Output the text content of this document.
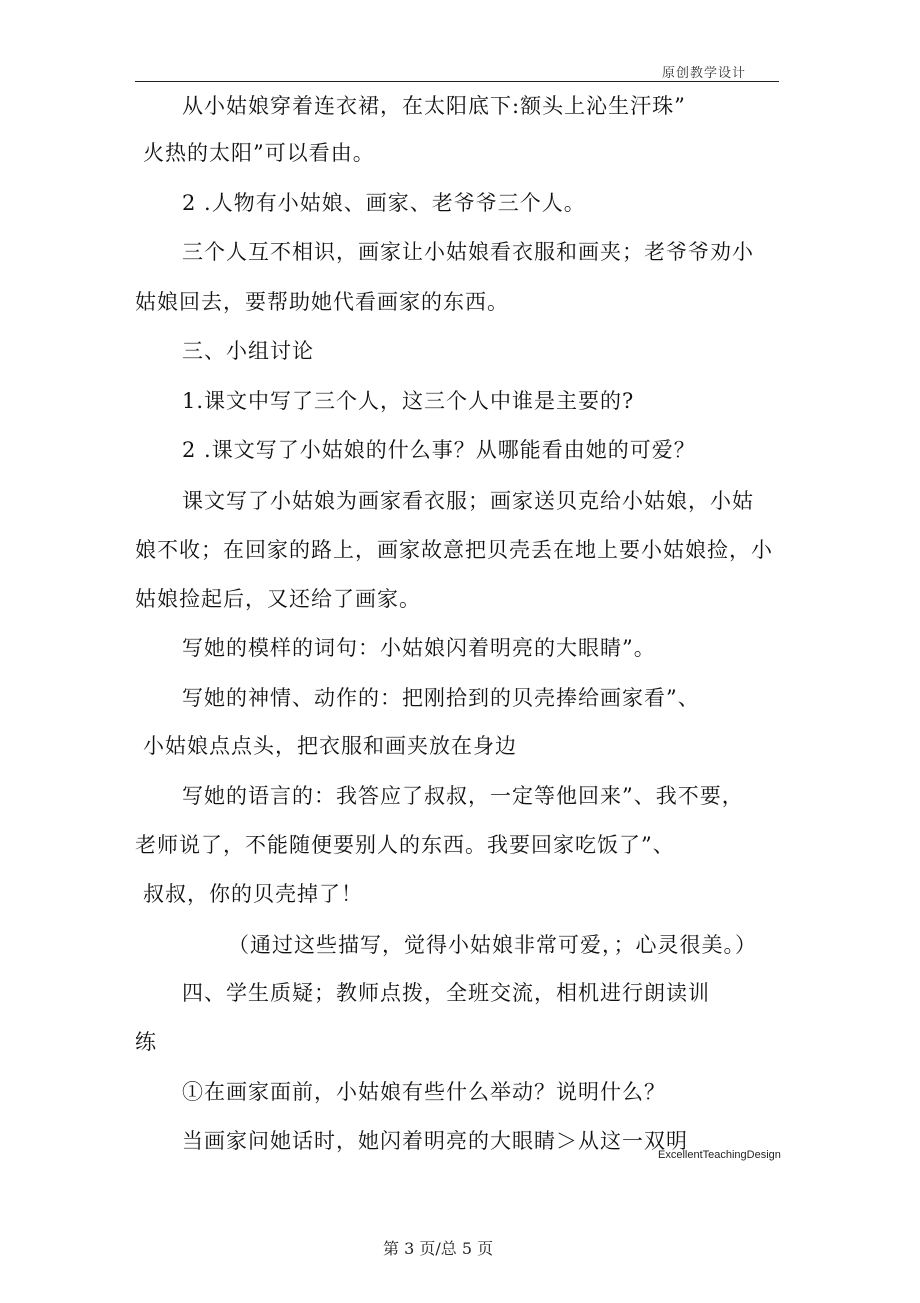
原创教学设计
从小姑娘穿着连衣裙，在太阳底下:额头上沁生汗珠”
火热的太阳”可以看由。
2 .人物有小姑娘、画家、老爷爷三个人。
三个人互不相识，画家让小姑娘看衣服和画夹；老爷爷劝小
姑娘回去，要帮助她代看画家的东西。
三、小组讨论
1.课文中写了三个人，这三个人中谁是主要的?
2 .课文写了小姑娘的什么事？从哪能看由她的可爱？
课文写了小姑娘为画家看衣服；画家送贝克给小姑娘，小姑
娘不收；在回家的路上，画家故意把贝壳丢在地上要小姑娘捡，小
姑娘捡起后，又还给了画家。
写她的模样的词句：小姑娘闪着明亮的大眼睛”。
写她的神情、动作的：把刚拾到的贝壳捧给画家看”、
小姑娘点点头，把衣服和画夹放在身边
写她的语言的：我答应了叔叔，一定等他回来”、我不要，
老师说了，不能随便要别人的东西。我要回家吃饭了”、
叔叔，你的贝壳掉了！
（通过这些描写，觉得小姑娘非常可爱，；心灵很美。）
四、学生质疑；教师点拨，全班交流，相机进行朗读训
练
①在画家面前，小姑娘有些什么举动？说明什么？
当画家问她话时，她闪着明亮的大眼睛＞从这一双明
ExcellentTeachingDesign
第 3 页/总 5 页
